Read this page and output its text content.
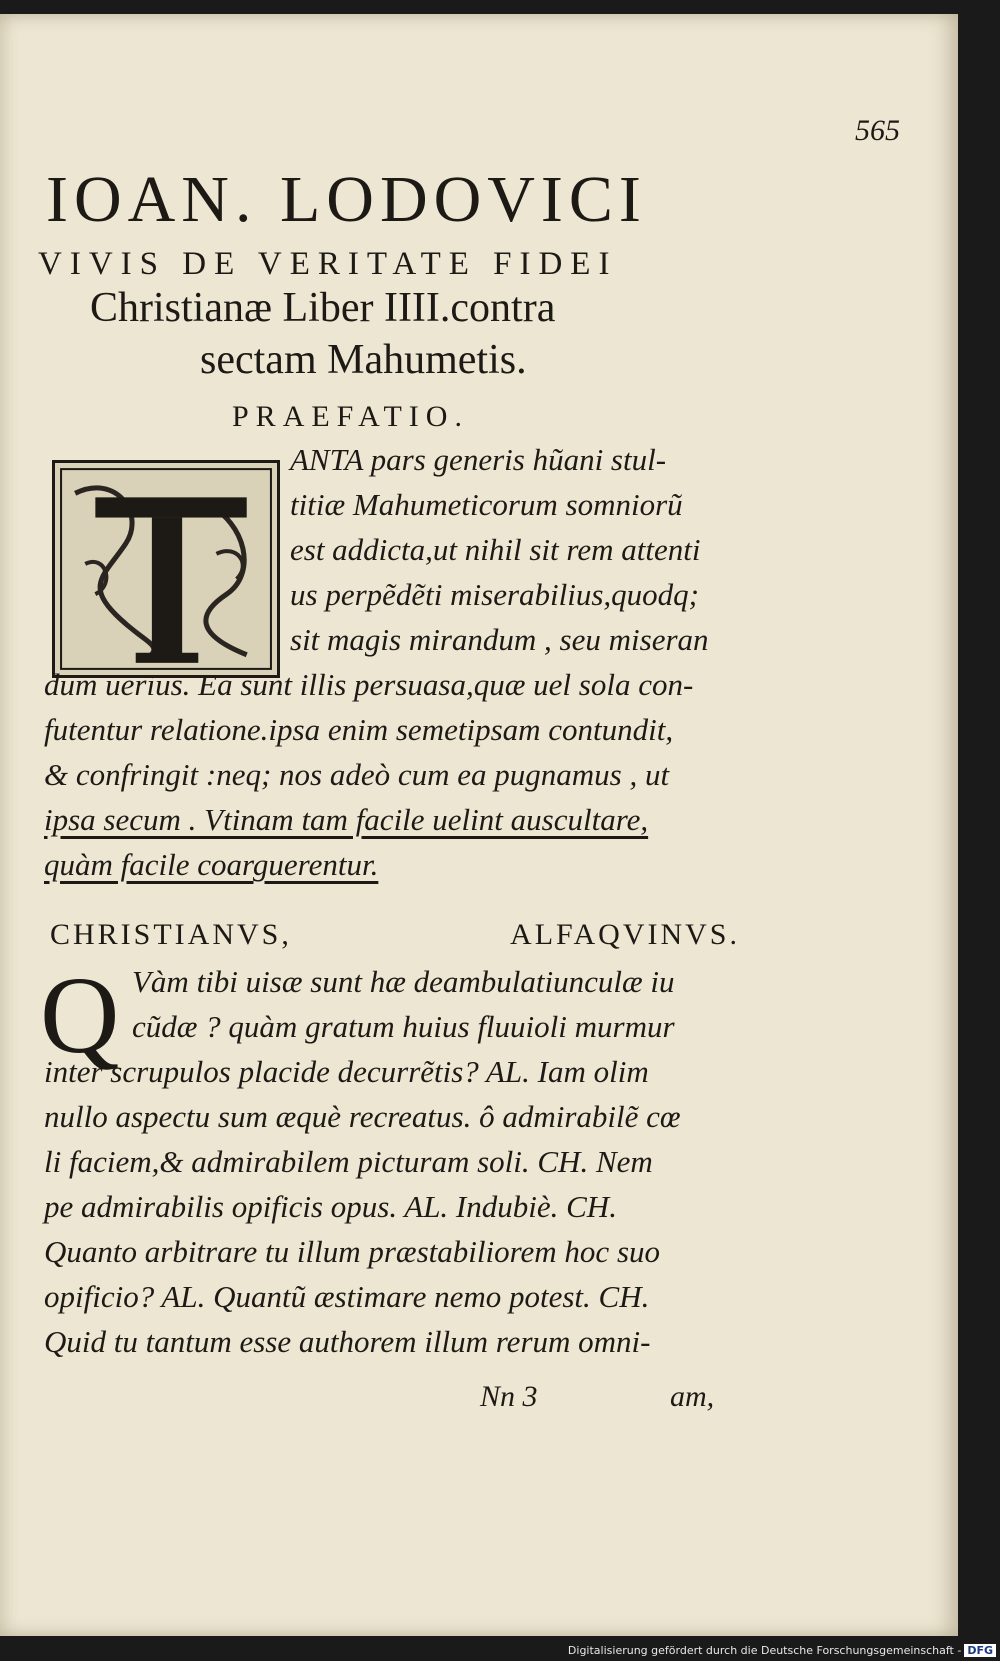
565
IOAN. LODOVICI
VIVIS DE VERITATE FIDEI
Christianæ Liber IIII.contra
sectam Mahumetis.
PRAEFATIO.
ANTA pars generis hũani stul-
titiæ Mahumeticorum somniorũ
est addicta,ut nihil sit rem attenti
us perpẽdẽti miserabilius,quodq;
sit magis mirandum , seu miseran
dum uerius. Ea sunt illis persuasa,quæ uel sola con-
futentur relatione.ipsa enim semetipsam contundit,
& confringit :neq; nos adeò cum ea pugnamus , ut
ipsa secum . Vtinam tam facile uelint auscultare,
quàm facile coarguerentur.
CHRISTIANVS,	ALFAQVINVS.
Q Vàm tibi uisæ sunt hæ deambulatiunculæ iu
cũdæ ? quàm gratum huius fluuioli murmur
inter scrupulos placide decurrẽtis? AL. Iam olim
nullo aspectu sum æquè recreatus. ô admirabilẽ cœ
li faciem,& admirabilem picturam soli. CH. Nem
pe admirabilis opificis opus. AL. Indubiè. CH.
Quanto arbitrare tu illum præstabiliorem hoc suo
opificio? AL. Quantũ æstimare nemo potest. CH.
Quid tu tantum esse authorem illum rerum omni-
Nn 3	am,
Digitalisierung gefördert durch die Deutsche Forschungsgemeinschaft - DFG
